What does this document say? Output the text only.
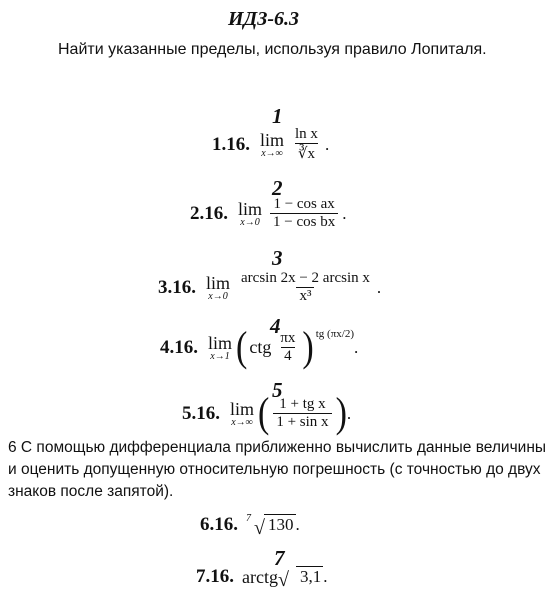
ИДЗ-6.3
Найти указанные пределы, используя правило Лопиталя.
1
1.16. lim
$x\to\infty \frac{\text{ln x}}{∛x}$ .
2
2.16. lim
$x\to 0 \frac{\text{1 − cos ax}}{\text{1 − cos bx}}$ .
3
3.16. lim
$x\to 0 \frac{\text{arcsin 2x − 2 arcsin x}}{\text{x³}}$ .
4
4.16. lim
x→1 ( ctg $\frac{\pi x}{4}$ ) tg (πx/2)
.
5
5.16. lim
x→∞ ( $\frac{\text{1 + tg x}}{\text{1 + sin x}}$ ) .
6 С помощью дифференциала приближенно вычислить данные величины и оценить допущенную относительную погрешность (с точностью до двух знаков после запятой).
6.16. 7 √ 130 .
7
7.16. arctg √ 3,1 .
